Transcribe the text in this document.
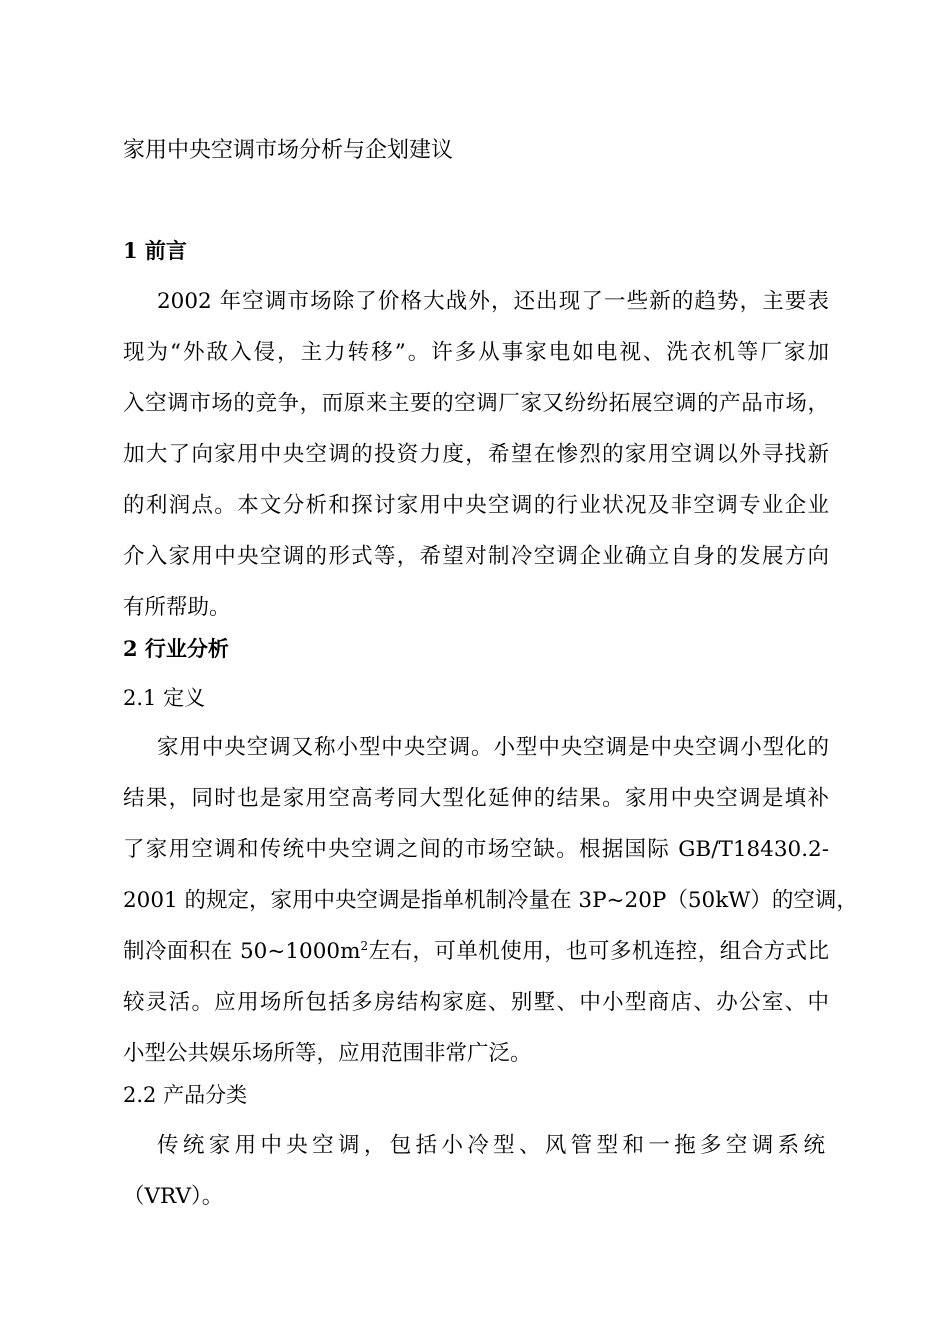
家用中央空调市场分析与企划建议
1 前言
2002 年空调市场除了价格大战外，还出现了一些新的趋势，主要表
现为“外敌入侵，主力转移”。许多从事家电如电视、洗衣机等厂家加
入空调市场的竞争，而原来主要的空调厂家又纷纷拓展空调的产品市场，
加大了向家用中央空调的投资力度，希望在惨烈的家用空调以外寻找新
的利润点。本文分析和探讨家用中央空调的行业状况及非空调专业企业
介入家用中央空调的形式等，希望对制冷空调企业确立自身的发展方向
有所帮助。
2 行业分析
2.1 定义
家用中央空调又称小型中央空调。小型中央空调是中央空调小型化的
结果，同时也是家用空高考同大型化延伸的结果。家用中央空调是填补
了家用空调和传统中央空调之间的市场空缺。根据国际 GB/T18430.2-
2001 的规定，家用中央空调是指单机制冷量在 3P~20P（50kW）的空调，
制冷面积在 $50\sim 1000m^2$左右，可单机使用，也可多机连控，组合方式比
较灵活。应用场所包括多房结构家庭、别墅、中小型商店、办公室、中
小型公共娱乐场所等，应用范围非常广泛。
2.2 产品分类
传统家用中央空调，包括小冷型、风管型和一拖多空调系统
（VRV）。
